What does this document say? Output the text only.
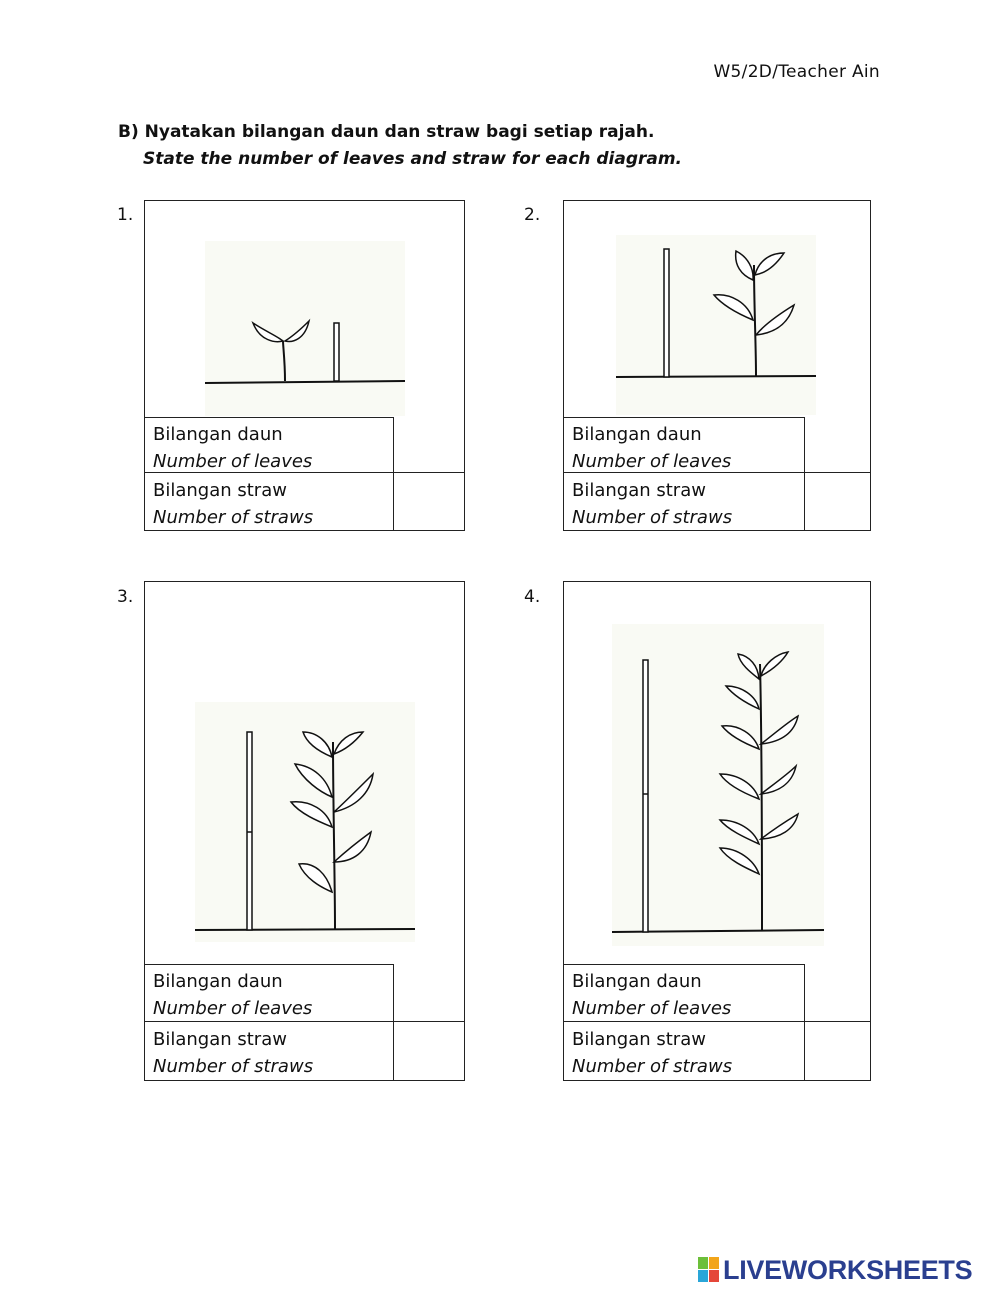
W5/2D/Teacher Ain
B) Nyatakan bilangan daun dan straw bagi setiap rajah.
State the number of leaves and straw for each diagram.
1.
Bilangan daun
Number of leaves
Bilangan straw
Number of straws
2.
Bilangan daun
Number of leaves
Bilangan straw
Number of straws
3.
Bilangan daun
Number of leaves
Bilangan straw
Number of straws
4.
Bilangan daun
Number of leaves
Bilangan straw
Number of straws
LIVEWORKSHEETS
